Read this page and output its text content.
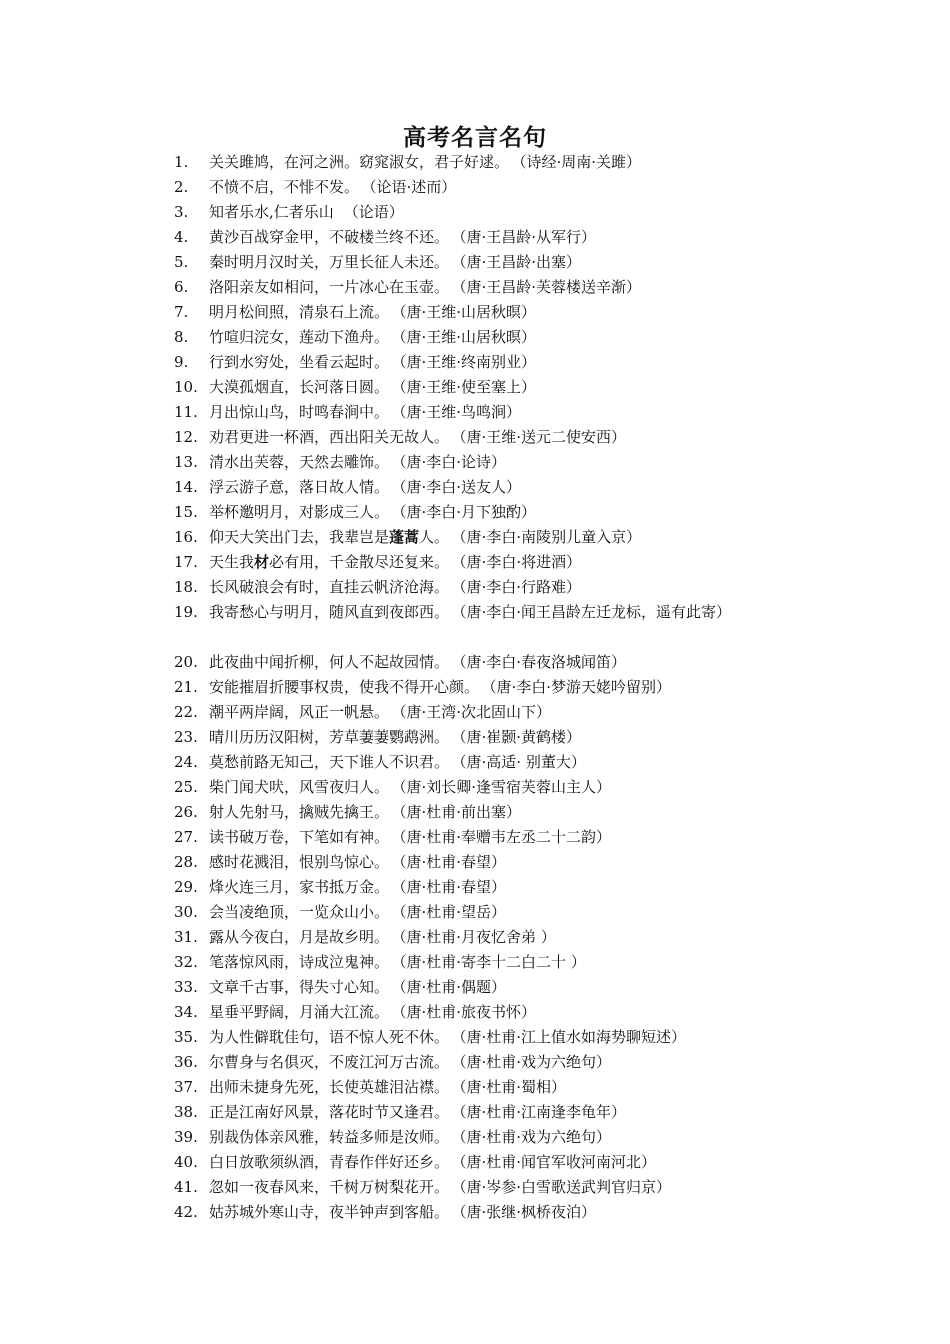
高考名言名句
1.	关关雎鸠，在河之洲。窈窕淑女，君子好逑。 （诗经·周南·关雎）
2.	不愤不启，不悱不发。 （论语·述而）
3.	知者乐水,仁者乐山 （论语）
4.	黄沙百战穿金甲，不破楼兰终不还。 （唐·王昌龄·从军行）
5.	秦时明月汉时关，万里长征人未还。 （唐·王昌龄·出塞）
6.	洛阳亲友如相问，一片冰心在玉壶。 （唐·王昌龄·芙蓉楼送辛渐）
7.	明月松间照，清泉石上流。 （唐·王维·山居秋暝）
8.	竹喧归浣女，莲动下渔舟。 （唐·王维·山居秋暝）
9.	行到水穷处，坐看云起时。 （唐·王维·终南别业）
10. 大漠孤烟直，长河落日圆。 （唐·王维·使至塞上）
11. 月出惊山鸟，时鸣春涧中。 （唐·王维·鸟鸣涧）
12. 劝君更进一杯酒，西出阳关无故人。 （唐·王维·送元二使安西）
13. 清水出芙蓉，天然去雕饰。 （唐·李白·论诗）
14. 浮云游子意，落日故人情。 （唐·李白·送友人）
15. 举杯邀明月，对影成三人。 （唐·李白·月下独酌）
16. 仰天大笑出门去，我辈岂是蓬蒿人。 （唐·李白·南陵别儿童入京）
17. 天生我材必有用，千金散尽还复来。 （唐·李白·将进酒）
18. 长风破浪会有时，直挂云帆济沧海。 （唐·李白·行路难）
19. 我寄愁心与明月，随风直到夜郎西。 （唐·李白·闻王昌龄左迁龙标，遥有此寄）
20. 此夜曲中闻折柳，何人不起故园情。 （唐·李白·春夜洛城闻笛）
21. 安能摧眉折腰事权贵，使我不得开心颜。 （唐·李白·梦游天姥吟留别）
22. 潮平两岸阔，风正一帆悬。 （唐·王湾·次北固山下）
23. 晴川历历汉阳树，芳草萋萋鹦鹉洲。 （唐·崔颢·黄鹤楼）
24. 莫愁前路无知己，天下谁人不识君。 （唐·高适· 别董大）
25. 柴门闻犬吠，风雪夜归人。 （唐·刘长卿·逢雪宿芙蓉山主人）
26. 射人先射马，擒贼先擒王。 （唐·杜甫·前出塞）
27. 读书破万卷，下笔如有神。 （唐·杜甫·奉赠韦左丞二十二韵）
28. 感时花溅泪，恨别鸟惊心。 （唐·杜甫·春望）
29. 烽火连三月，家书抵万金。 （唐·杜甫·春望）
30. 会当凌绝顶，一览众山小。 （唐·杜甫·望岳）
31. 露从今夜白，月是故乡明。 （唐·杜甫·月夜忆舍弟 ）
32. 笔落惊风雨，诗成泣鬼神。 （唐·杜甫·寄李十二白二十 ）
33. 文章千古事，得失寸心知。 （唐·杜甫·偶题）
34. 星垂平野阔，月涌大江流。 （唐·杜甫·旅夜书怀）
35. 为人性僻耽佳句，语不惊人死不休。 （唐·杜甫·江上值水如海势聊短述）
36. 尔曹身与名俱灭，不废江河万古流。 （唐·杜甫·戏为六绝句）
37. 出师未捷身先死，长使英雄泪沾襟。 （唐·杜甫·蜀相）
38. 正是江南好风景，落花时节又逢君。 （唐·杜甫·江南逢李龟年）
39. 别裁伪体亲风雅，转益多师是汝师。 （唐·杜甫·戏为六绝句）
40. 白日放歌须纵酒，青春作伴好还乡。 （唐·杜甫·闻官军收河南河北）
41. 忽如一夜春风来，千树万树梨花开。 （唐·岑参·白雪歌送武判官归京）
42. 姑苏城外寒山寺，夜半钟声到客船。 （唐·张继·枫桥夜泊）
